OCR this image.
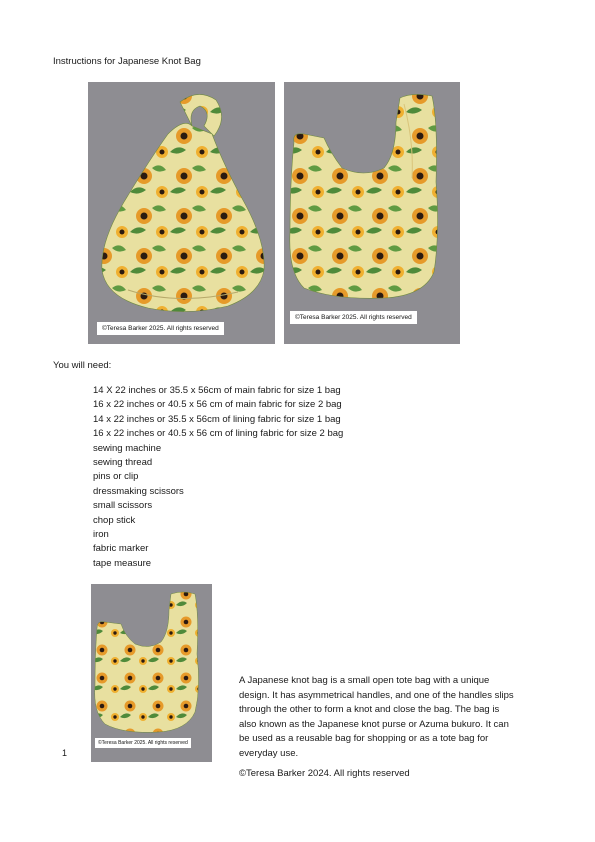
Instructions for Japanese Knot Bag
©Teresa Barker 2025. All rights reserved
©Teresa Barker 2025. All rights reserved
You will need:
14 X 22 inches or 35.5 x 56cm of main fabric for size 1 bag
16 x 22 inches or 40.5 x 56 cm of main fabric for size 2 bag
14 x 22 inches or 35.5 x 56cm of lining fabric for size 1 bag
16 x 22 inches or 40.5 x 56 cm of lining fabric for size 2 bag
sewing machine
sewing thread
pins or clip
dressmaking scissors
small scissors
chop stick
iron
fabric marker
tape measure
©Teresa Barker 2025. All rights reserved
1

A Japanese knot bag is a small open tote bag with a unique design. It has asymmetrical handles, and one of the handles slips through the other to form a knot and close the bag. The bag is also known as the Japanese knot purse or Azuma bukuro. It can be used as a reusable bag for shopping or as a tote bag for everyday use.

©Teresa Barker 2024. All rights reserved
